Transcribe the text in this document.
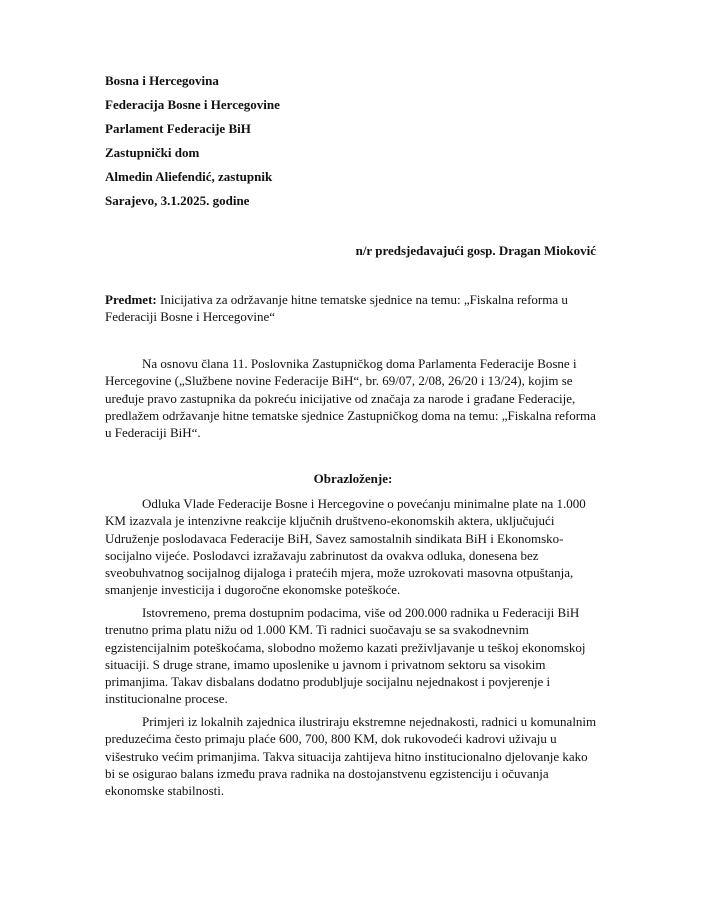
Bosna i Hercegovina
Federacija Bosne i Hercegovine
Parlament Federacije BiH
Zastupnički dom
Almedin Aliefendić, zastupnik
Sarajevo, 3.1.2025. godine
n/r predsjedavajući gosp. Dragan Mioković

Predmet: Inicijativa za održavanje hitne tematske sjednice na temu: „Fiskalna reforma u Federaciji Bosne i Hercegovine“

Na osnovu člana 11. Poslovnika Zastupničkog doma Parlamenta Federacije Bosne i Hercegovine („Službene novine Federacije BiH“, br. 69/07, 2/08, 26/20 i 13/24), kojim se uređuje pravo zastupnika da pokreću inicijative od značaja za narode i građane Federacije, predlažem održavanje hitne tematske sjednice Zastupničkog doma na temu: „Fiskalna reforma u Federaciji BiH“.

Obrazloženje:

Odluka Vlade Federacije Bosne i Hercegovine o povećanju minimalne plate na 1.000 KM izazvala je intenzivne reakcije ključnih društveno-ekonomskih aktera, uključujući Udruženje poslodavaca Federacije BiH, Savez samostalnih sindikata BiH i Ekonomsko-socijalno vijeće. Poslodavci izražavaju zabrinutost da ovakva odluka, donesena bez sveobuhvatnog socijalnog dijaloga i pratećih mjera, može uzrokovati masovna otpuštanja, smanjenje investicija i dugoročne ekonomske poteškoće.

Istovremeno, prema dostupnim podacima, više od 200.000 radnika u Federaciji BiH trenutno prima platu nižu od 1.000 KM. Ti radnici suočavaju se sa svakodnevnim egzistencijalnim poteškoćama, slobodno možemo kazati preživljavanje u teškoj ekonomskoj situaciji. S druge strane, imamo uposlenike u javnom i privatnom sektoru sa visokim primanjima. Takav disbalans dodatno produbljuje socijalnu nejednakost i povjerenje i institucionalne procese.

Primjeri iz lokalnih zajednica ilustriraju ekstremne nejednakosti, radnici u komunalnim preduzećima često primaju plaće 600, 700, 800 KM, dok rukovodeći kadrovi uživaju u višestruko većim primanjima. Takva situacija zahtijeva hitno institucionalno djelovanje kako bi se osigurao balans između prava radnika na dostojanstvenu egzistenciju i očuvanja ekonomske stabilnosti.
